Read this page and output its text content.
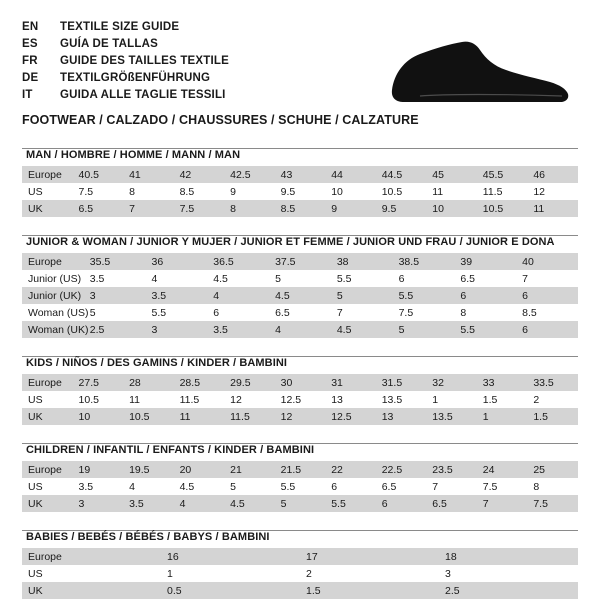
EN	TEXTILE SIZE GUIDE
ES	GUÍA DE TALLAS
FR	GUIDE DES TAILLES TEXTILE
DE	TEXTILGRÖßENFÜHRUNG
IT	GUIDA ALLE TAGLIE TESSILI
FOOTWEAR / CALZADO / CHAUSSURES / SCHUHE / CALZATURE
MAN / HOMBRE / HOMME / MANN / MAN
Europe	40.5	41	42	42.5	43	44	44.5	45	45.5	46
US	7.5	8	8.5	9	9.5	10	10.5	11	11.5	12
UK	6.5	7	7.5	8	8.5	9	9.5	10	10.5	11
JUNIOR & WOMAN / JUNIOR Y MUJER / JUNIOR ET FEMME / JUNIOR UND FRAU / JUNIOR E DONA
Europe	35.5	36	36.5	37.5	38	38.5	39	40
Junior (US)	3.5	4	4.5	5	5.5	6	6.5	7
Junior (UK)	3	3.5	4	4.5	5	5.5	6	6
Woman (US)	5	5.5	6	6.5	7	7.5	8	8.5
Woman (UK)	2.5	3	3.5	4	4.5	5	5.5	6
KIDS / NIÑOS / DES GAMINS / KINDER / BAMBINI
Europe	27.5	28	28.5	29.5	30	31	31.5	32	33	33.5
US	10.5	11	11.5	12	12.5	13	13.5	1	1.5	2
UK	10	10.5	11	11.5	12	12.5	13	13.5	1	1.5
CHILDREN / INFANTIL / ENFANTS / KINDER / BAMBINI
Europe	19	19.5	20	21	21.5	22	22.5	23.5	24	25
US	3.5	4	4.5	5	5.5	6	6.5	7	7.5	8
UK	3	3.5	4	4.5	5	5.5	6	6.5	7	7.5
BABIES / BEBÉS / BÉBÉS / BABYS / BAMBINI
Europe	16	17	18
US	1	2	3
UK	0.5	1.5	2.5
